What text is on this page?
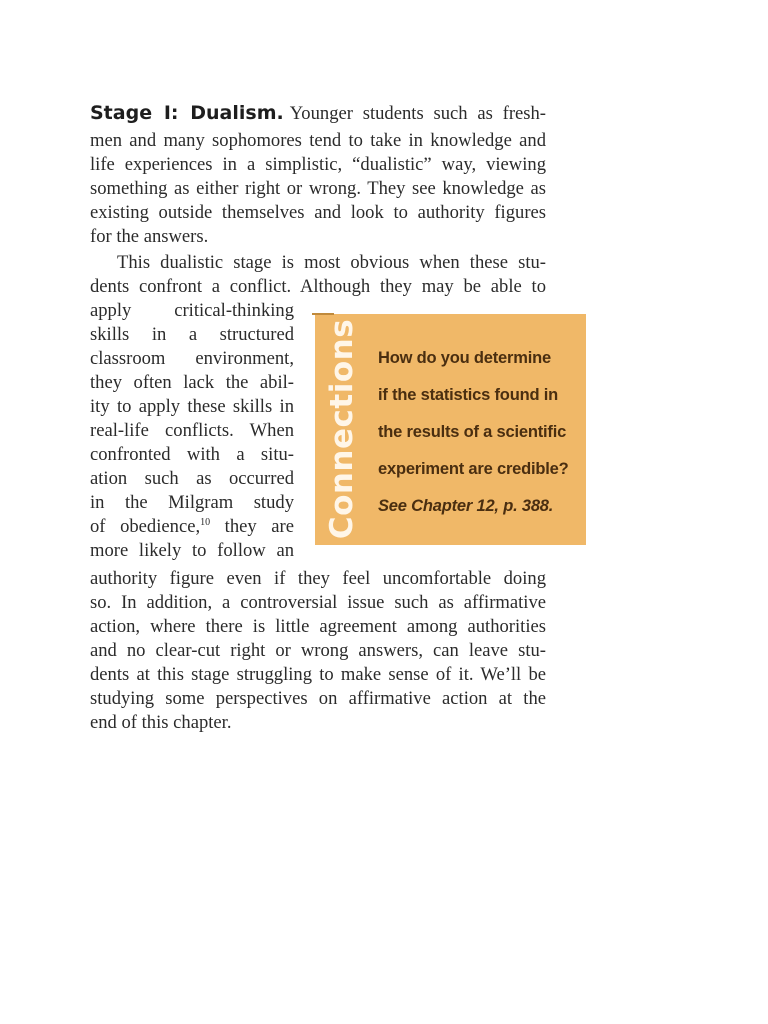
Stage I: Dualism. Younger students such as fresh-
men and many sophomores tend to take in knowledge and
life experiences in a simplistic, “dualistic” way, viewing
something as either right or wrong. They see knowledge as
existing outside themselves and look to authority figures
for the answers.
This dualistic stage is most obvious when these stu-
dents confront a conflict. Although they may be able to
apply critical-thinking
skills in a structured
classroom environment,
they often lack the abil-
ity to apply these skills in
real-life conflicts. When
confronted with a situ-
ation such as occurred
in the Milgram study
of obedience,$^{10}$ they are
more likely to follow an
authority figure even if they feel uncomfortable doing
so. In addition, a controversial issue such as affirmative
action, where there is little agreement among authorities
and no clear-cut right or wrong answers, can leave stu-
dents at this stage struggling to make sense of it. We’ll be
studying some perspectives on affirmative action at the
end of this chapter.
Connections How do you determine
if the statistics found in
the results of a scientific
experiment are credible?
See Chapter 12, p. 388.
